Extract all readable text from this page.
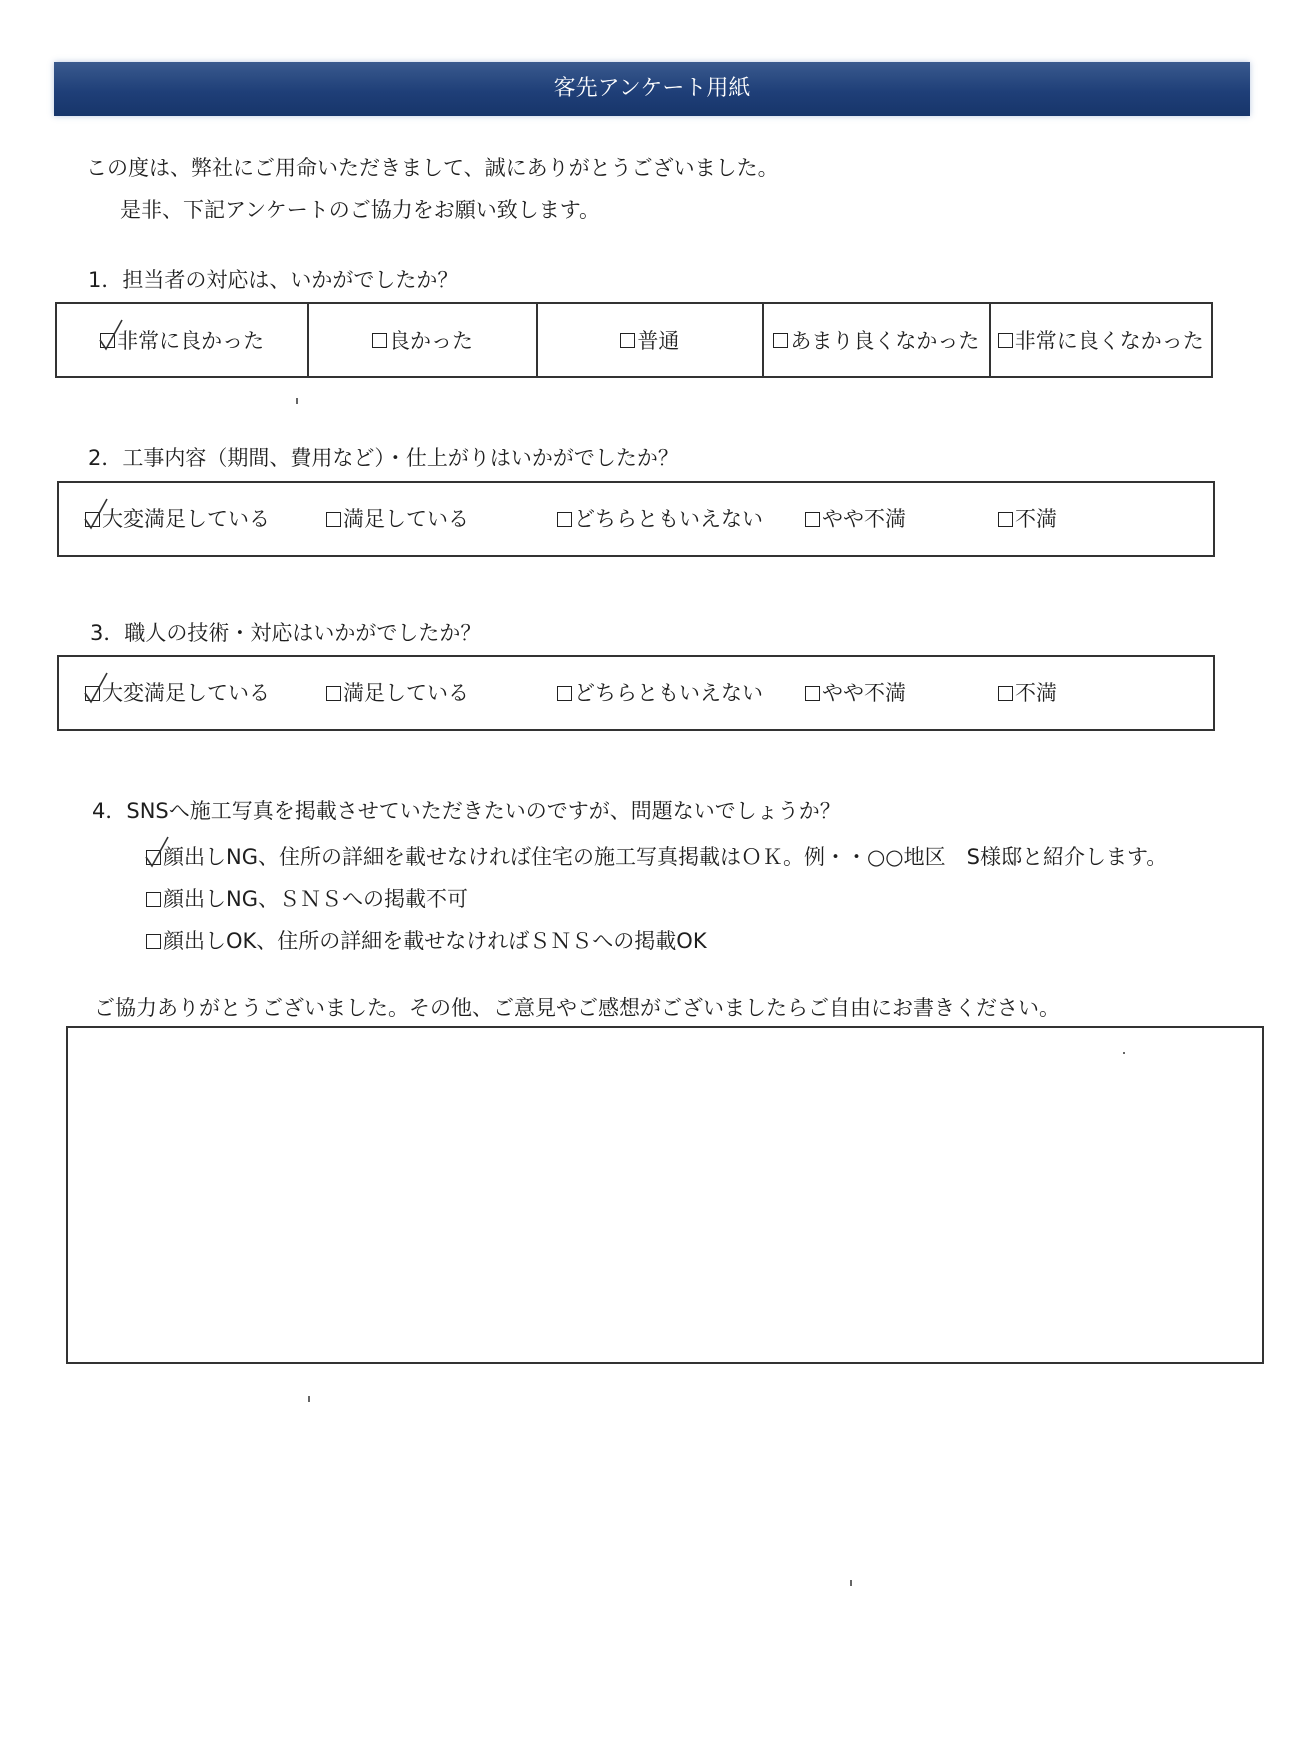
客先アンケート用紙
この度は、弊社にご用命いただきまして、誠にありがとうございました。
是非、下記アンケートのご協力をお願い致します。
1．担当者の対応は、いかがでしたか？
非常に良かった	良かった	普通	あまり良くなかった 非常に良くなかった
2．工事内容（期間、費用など）・仕上がりはいかがでしたか？
大変満足している	満足している	どちらともいえない	やや不満	不満
3．職人の技術・対応はいかがでしたか？
大変満足している	満足している	どちらともいえない	やや不満	不満
4．SNSへ施工写真を掲載させていただきたいのですが、問題ないでしょうか？
顔出しNG、住所の詳細を載せなければ住宅の施工写真掲載はＯＫ。例・・○○地区　S様邸と紹介します。
顔出しNG、ＳＮＳへの掲載不可
顔出しOK、住所の詳細を載せなければＳＮＳへの掲載OK
ご協力ありがとうございました。その他、ご意見やご感想がございましたらご自由にお書きください。
